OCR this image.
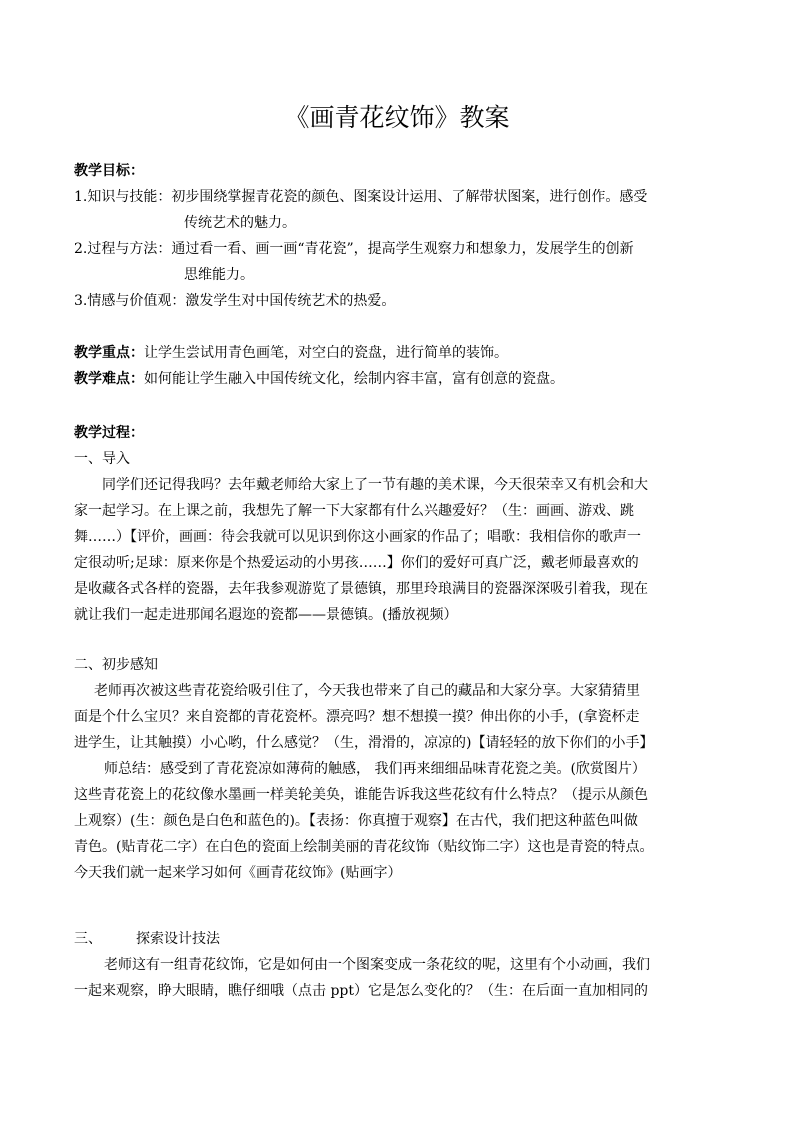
《画青花纹饰》教案
教学目标：
1.知识与技能：初步围绕掌握青花瓷的颜色、图案设计运用、了解带状图案，进行创作。感受
传统艺术的魅力。
2.过程与方法：通过看一看、画一画“青花瓷”，提高学生观察力和想象力，发展学生的创新
思维能力。
3.情感与价值观：激发学生对中国传统艺术的热爱。
教学重点：让学生尝试用青色画笔，对空白的瓷盘，进行简单的装饰。
教学难点：如何能让学生融入中国传统文化，绘制内容丰富，富有创意的瓷盘。
教学过程：
一、导入
同学们还记得我吗？去年戴老师给大家上了一节有趣的美术课，今天很荣幸又有机会和大
家一起学习。在上课之前，我想先了解一下大家都有什么兴趣爱好？（生：画画、游戏、跳
舞……）【评价，画画：待会我就可以见识到你这小画家的作品了；唱歌：我相信你的歌声一
定很动听;足球：原来你是个热爱运动的小男孩……】你们的爱好可真广泛，戴老师最喜欢的
是收藏各式各样的瓷器，去年我参观游览了景德镇，那里玲琅满目的瓷器深深吸引着我，现在
就让我们一起走进那闻名遐迩的瓷都——景德镇。(播放视频）
二、初步感知
老师再次被这些青花瓷给吸引住了，今天我也带来了自己的藏品和大家分享。大家猜猜里
面是个什么宝贝？来自瓷都的青花瓷杯。漂亮吗？想不想摸一摸？伸出你的小手，(拿瓷杯走
进学生，让其触摸）小心哟，什么感觉？（生，滑滑的，凉凉的)【请轻轻的放下你们的小手】
师总结：感受到了青花瓷凉如薄荷的触感， 我们再来细细品味青花瓷之美。(欣赏图片）
这些青花瓷上的花纹像水墨画一样美轮美奂，谁能告诉我这些花纹有什么特点？（提示从颜色
上观察）(生：颜色是白色和蓝色的)。【表扬：你真擅于观察】在古代，我们把这种蓝色叫做
青色。(贴青花二字）在白色的瓷面上绘制美丽的青花纹饰（贴纹饰二字）这也是青瓷的特点。
今天我们就一起来学习如何《画青花纹饰》(贴画字）
三、 探索设计技法
老师这有一组青花纹饰，它是如何由一个图案变成一条花纹的呢，这里有个小动画，我们
一起来观察，睁大眼睛，瞧仔细哦（点击 ppt）它是怎么变化的？（生：在后面一直加相同的
